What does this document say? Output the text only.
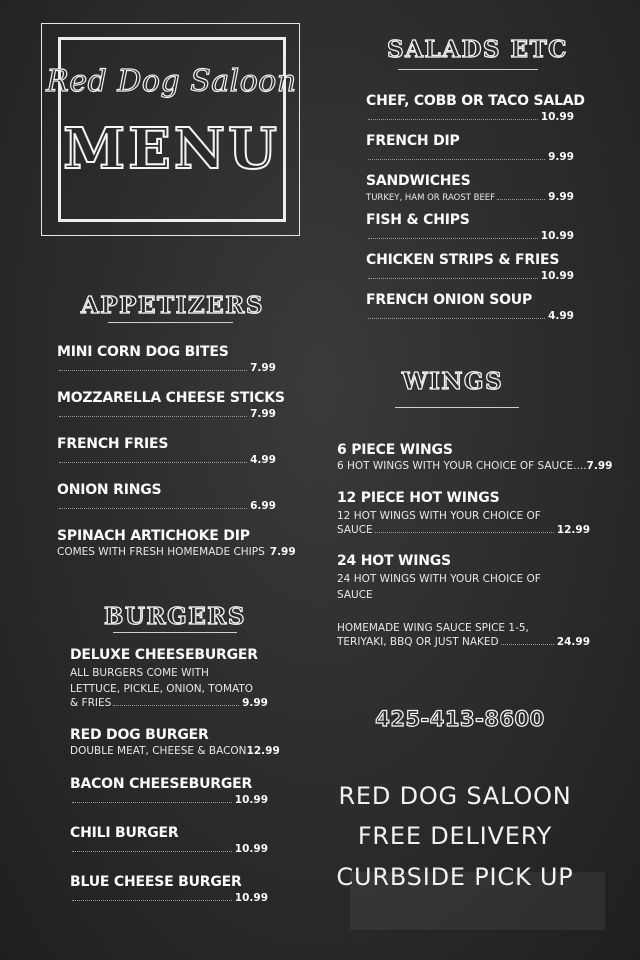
Red Dog Saloon
MENU
SALADS ETC
CHEF, COBB OR TACO SALAD
10.99
FRENCH DIP
9.99
SANDWICHES
TURKEY, HAM OR RAOST BEEF	9.99
FISH & CHIPS
10.99
CHICKEN STRIPS & FRIES
10.99
FRENCH ONION SOUP
4.99
APPETIZERS
MINI CORN DOG BITES
7.99
MOZZARELLA CHEESE STICKS
7.99
FRENCH FRIES
4.99
ONION RINGS
6.99
SPINACH ARTICHOKE DIP
COMES WITH FRESH HOMEMADE CHIPS 7.99
WINGS
6 PIECE WINGS
6 HOT WINGS WITH YOUR CHOICE OF SAUCE.... 7.99
12 PIECE HOT WINGS
12 HOT WINGS WITH YOUR CHOICE OF
SAUCE	12.99
24 HOT WINGS
24 HOT WINGS WITH YOUR CHOICE OF
SAUCE
HOMEMADE WING SAUCE SPICE 1-5,
TERIYAKI, BBQ OR JUST NAKED	24.99
BURGERS
DELUXE CHEESEBURGER
ALL BURGERS COME WITH
LETTUCE, PICKLE, ONION, TOMATO
& FRIES	9.99
RED DOG BURGER
DOUBLE MEAT, CHEESE & BACON 12.99
BACON CHEESEBURGER
10.99
CHILI BURGER
10.99
BLUE CHEESE BURGER
10.99
425-413-8600
RED DOG SALOON
FREE DELIVERY
CURBSIDE PICK UP
